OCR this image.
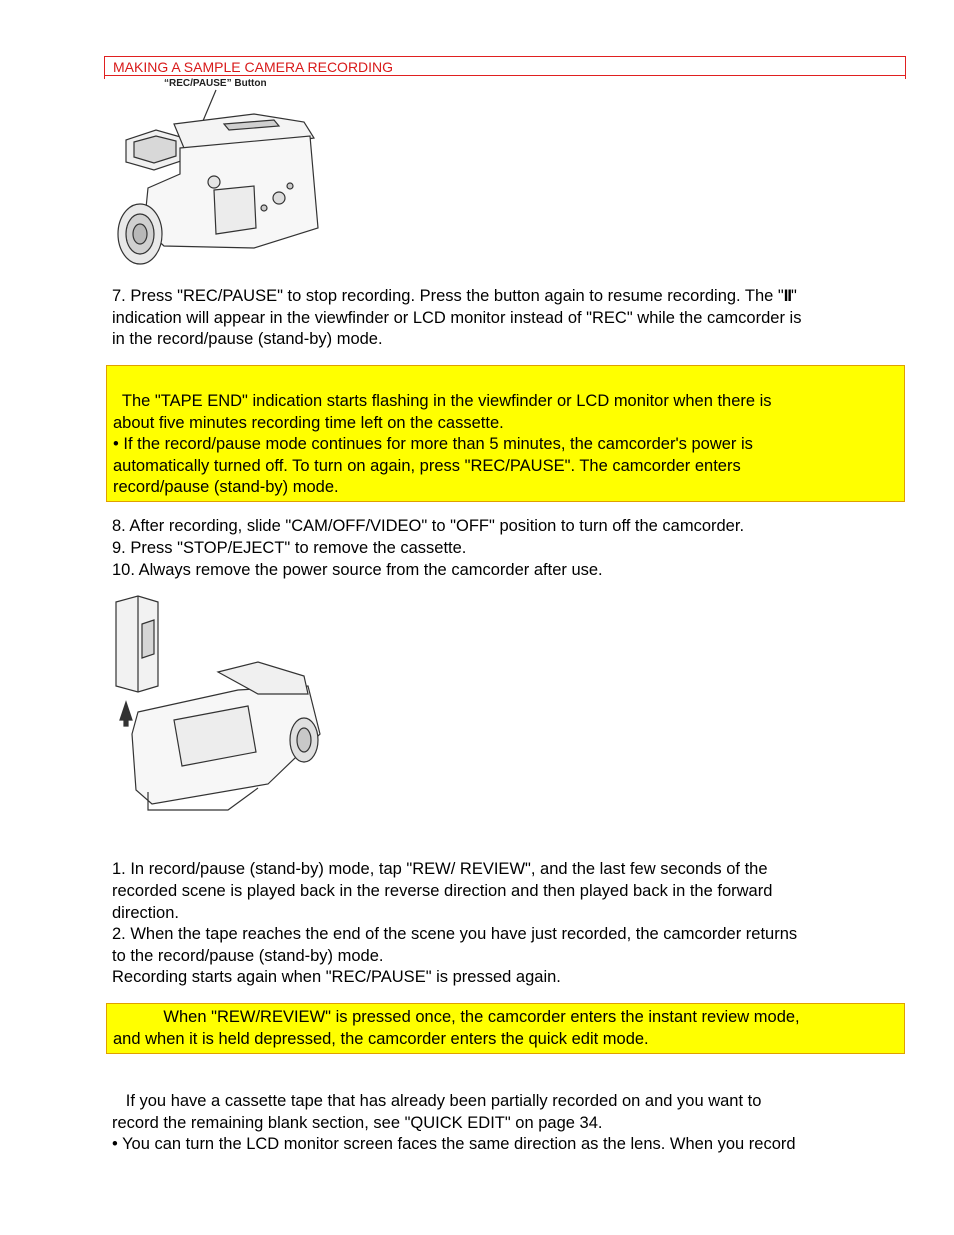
MAKING A SAMPLE CAMERA RECORDING
“REC/PAUSE” Button
7. Press "REC/PAUSE" to stop recording. Press the button again to resume recording. The "II"
indication will appear in the viewfinder or LCD monitor instead of "REC" while the camcorder is
in the record/pause (stand-by) mode.
The "TAPE END" indication starts flashing in the viewfinder or LCD monitor when there is
about five minutes recording time left on the cassette.
• If the record/pause mode continues for more than 5 minutes, the camcorder's power is
automatically turned off. To turn on again, press "REC/PAUSE". The camcorder enters
record/pause (stand-by) mode.
8. After recording, slide "CAM/OFF/VIDEO" to "OFF" position to turn off the camcorder.
9. Press "STOP/EJECT" to remove the cassette.
10. Always remove the power source from the camcorder after use.
1. In record/pause (stand-by) mode, tap "REW/ REVIEW", and the last few seconds of the
recorded scene is played back in the reverse direction and then played back in the forward
direction.
2. When the tape reaches the end of the scene you have just recorded, the camcorder returns
to the record/pause (stand-by) mode.
Recording starts again when "REC/PAUSE" is pressed again.
When "REW/REVIEW" is pressed once, the camcorder enters the instant review mode,
and when it is held depressed, the camcorder enters the quick edit mode.
If you have a cassette tape that has already been partially recorded on and you want to
record the remaining blank section, see "QUICK EDIT" on page 34.
• You can turn the LCD monitor screen faces the same direction as the lens. When you record
